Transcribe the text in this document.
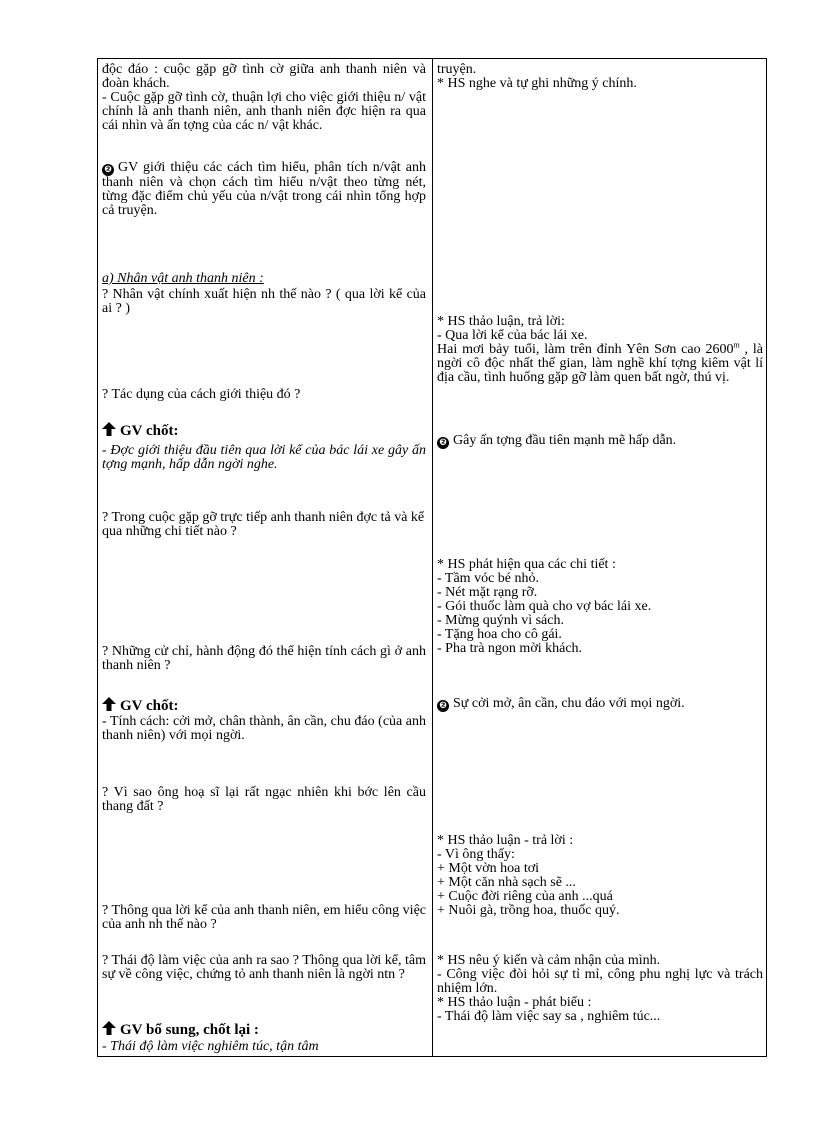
độc đáo : cuộc gặp gỡ tình cờ giữa anh thanh niên và đoàn khách.
- Cuộc gặp gỡ tình cờ, thuận lợi cho việc giới thiệu n/ vật chính là anh thanh niên, anh thanh niên đợc hiện ra qua cái nhìn và ấn tợng của các n/ vật khác.
❷ GV giới thiệu các cách tìm hiểu, phân tích n/vật anh thanh niên và chọn cách tìm hiểu n/vật theo từng nét, từng đặc điểm chủ yếu của n/vật trong cái nhìn tổng hợp cả truyện.
a) Nhân vật anh thanh niên :
? Nhân vật chính xuất hiện nh thế nào ? ( qua lời kể của ai ? )
? Tác dụng của cách giới thiệu đó ?
GV chốt:
- Đợc giới thiệu đầu tiên qua lời kể của bác lái xe gây ấn tợng mạnh, hấp dẫn ngời nghe.
? Trong cuộc gặp gỡ trực tiếp anh thanh niên đợc tả và kể qua những chi tiết nào ?
? Những cử chỉ, hành động đó thể hiện tính cách gì ở anh thanh niên ?
GV chốt:
- Tính cách: cởi mở, chân thành, ân cần, chu đáo (của anh thanh niên) với mọi ngời.
? Vì sao ông hoạ sĩ lại rất ngạc nhiên khi bớc lên cầu thang đất ?
? Thông qua lời kể của anh thanh niên, em hiểu công việc của anh nh thế nào ?
? Thái độ làm việc của anh ra sao ? Thông qua lời kể, tâm sự về công việc, chứng tỏ anh thanh niên là ngời ntn ?
GV bổ sung, chốt lại :
- Thái độ làm việc nghiêm túc, tận tâm
truyện.
* HS nghe và tự ghi những ý chính.
* HS thảo luận, trả lời:
- Qua lời kể của bác lái xe.
Hai mơi bảy tuổi, làm trên đỉnh Yên Sơn cao 2600$^m$ , là ngời cô độc nhất thế gian, làm nghề khí tợng kiêm vật lí địa cầu, tình huống gặp gỡ làm quen bất ngờ, thú vị.
❷ Gây ấn tợng đầu tiên mạnh mẽ hấp dẫn.
* HS phát hiện qua các chi tiết :
- Tầm vóc bé nhỏ.
- Nét mặt rạng rỡ.
- Gói thuốc làm quà cho vợ bác lái xe.
- Mừng quýnh vì sách.
- Tặng hoa cho cô gái.
- Pha trà ngon mời khách.
❷ Sự cởi mở, ân cần, chu đáo với mọi ngời.
* HS thảo luận - trả lời :
- Vì ông thấy:
+ Một vờn hoa tơi
+ Một căn nhà sạch sẽ ...
+ Cuộc đời riêng của anh ...quá
+ Nuôi gà, trồng hoa, thuốc quý.
* HS nêu ý kiến và cảm nhận của mình.
- Công việc đòi hỏi sự tỉ mỉ, công phu nghị lực và trách nhiệm lớn.
* HS thảo luận - phát biểu :
- Thái độ làm việc say sa , nghiêm túc...
